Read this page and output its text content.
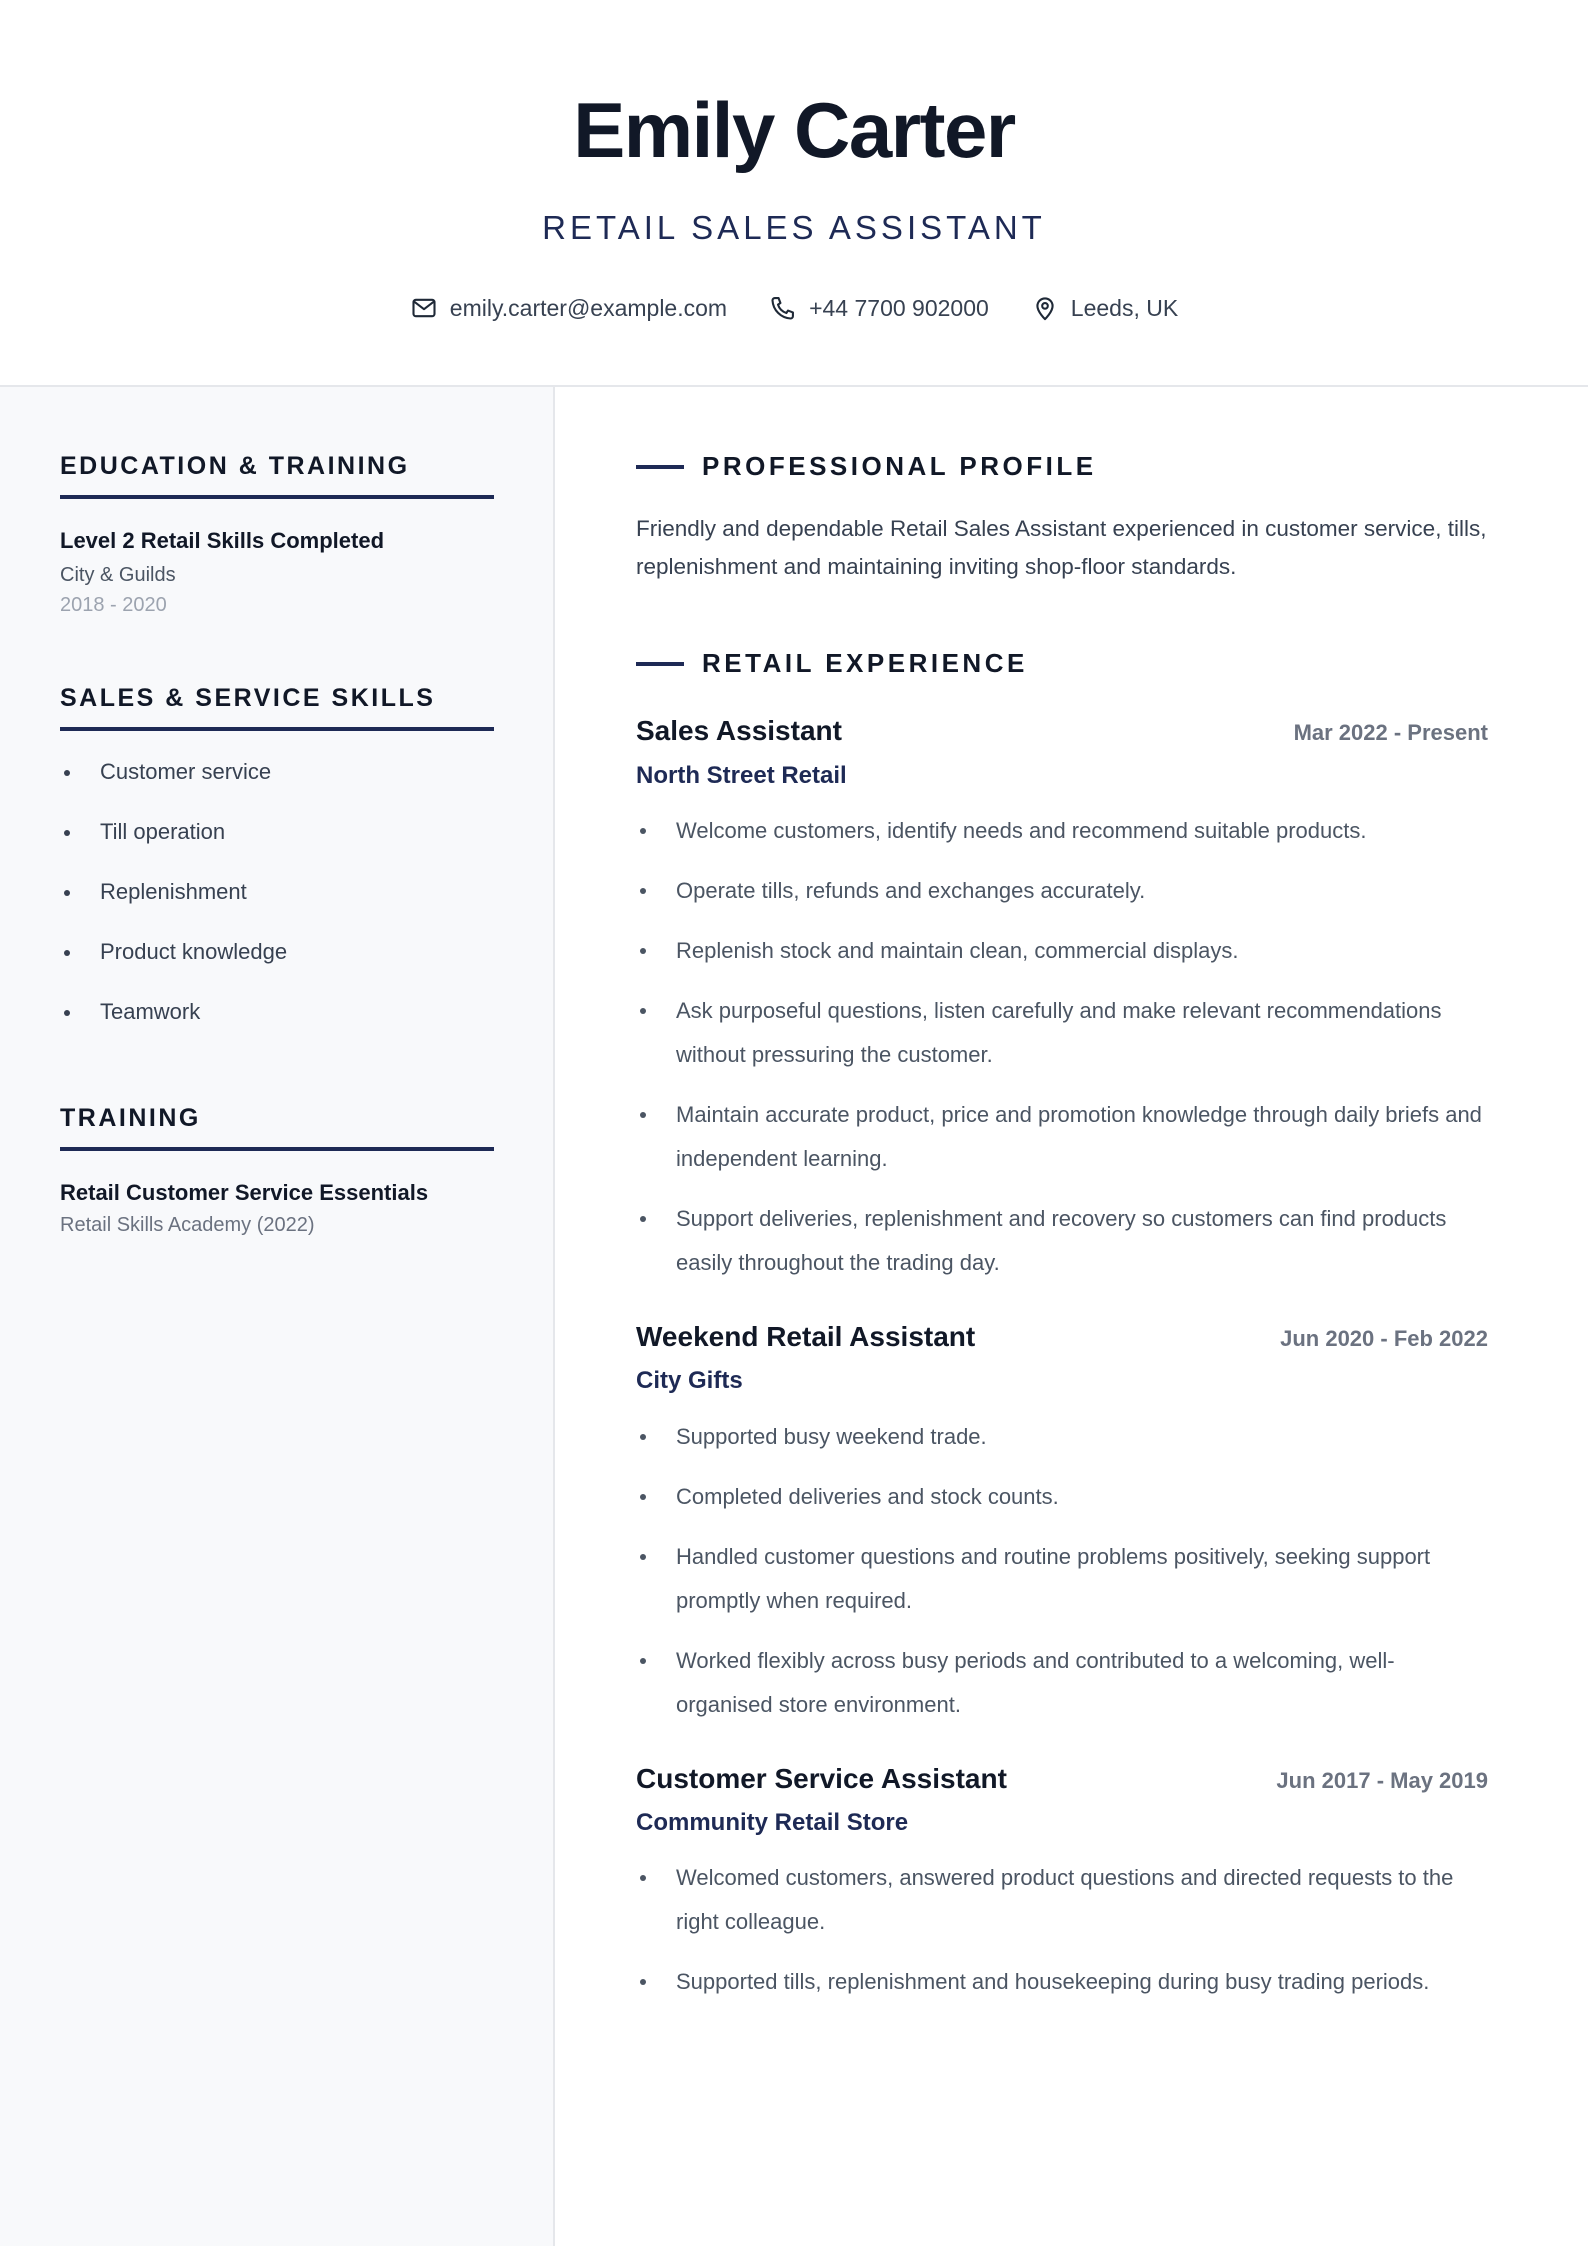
Emily Carter
RETAIL SALES ASSISTANT
emily.carter@example.com	+44 7700 902000	Leeds, UK
EDUCATION & TRAINING
Level 2 Retail Skills Completed
City & Guilds
2018 - 2020
SALES & SERVICE SKILLS
Customer service
Till operation
Replenishment
Product knowledge
Teamwork
TRAINING
Retail Customer Service Essentials
Retail Skills Academy (2022)
PROFESSIONAL PROFILE

Friendly and dependable Retail Sales Assistant experienced in customer service, tills, replenishment and maintaining inviting shop-floor standards.

RETAIL EXPERIENCE
Sales Assistant	Mar 2022 - Present
North Street Retail
Welcome customers, identify needs and recommend suitable products.
Operate tills, refunds and exchanges accurately.
Replenish stock and maintain clean, commercial displays.
Ask purposeful questions, listen carefully and make relevant recommendations without pressuring the customer.
Maintain accurate product, price and promotion knowledge through daily briefs and independent learning.
Support deliveries, replenishment and recovery so customers can find products easily throughout the trading day.
Weekend Retail Assistant	Jun 2020 - Feb 2022
City Gifts
Supported busy weekend trade.
Completed deliveries and stock counts.
Handled customer questions and routine problems positively, seeking support promptly when required.
Worked flexibly across busy periods and contributed to a welcoming, well-organised store environment.
Customer Service Assistant	Jun 2017 - May 2019
Community Retail Store
Welcomed customers, answered product questions and directed requests to the right colleague.
Supported tills, replenishment and housekeeping during busy trading periods.
